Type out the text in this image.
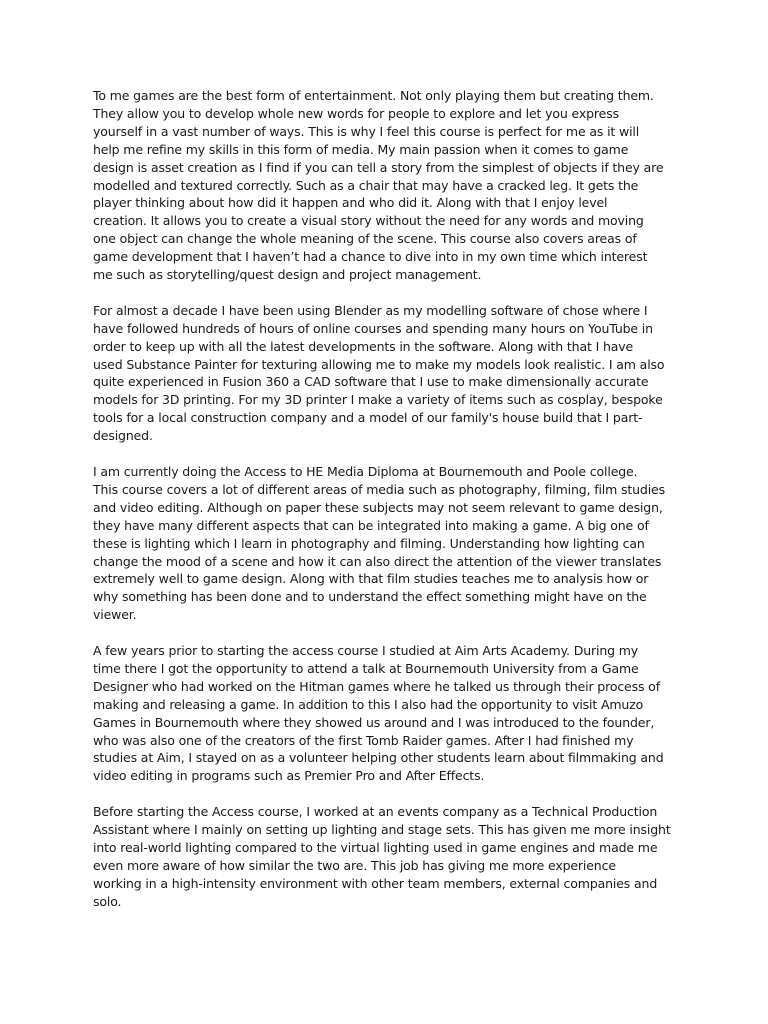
To me games are the best form of entertainment. Not only playing them but creating them.
They allow you to develop whole new words for people to explore and let you express
yourself in a vast number of ways. This is why I feel this course is perfect for me as it will
help me refine my skills in this form of media. My main passion when it comes to game
design is asset creation as I find if you can tell a story from the simplest of objects if they are
modelled and textured correctly. Such as a chair that may have a cracked leg. It gets the
player thinking about how did it happen and who did it. Along with that I enjoy level
creation. It allows you to create a visual story without the need for any words and moving
one object can change the whole meaning of the scene. This course also covers areas of
game development that I haven’t had a chance to dive into in my own time which interest
me such as storytelling/quest design and project management.

For almost a decade I have been using Blender as my modelling software of chose where I
have followed hundreds of hours of online courses and spending many hours on YouTube in
order to keep up with all the latest developments in the software. Along with that I have
used Substance Painter for texturing allowing me to make my models look realistic. I am also
quite experienced in Fusion 360 a CAD software that I use to make dimensionally accurate
models for 3D printing. For my 3D printer I make a variety of items such as cosplay, bespoke
tools for a local construction company and a model of our family's house build that I part-
designed.

I am currently doing the Access to HE Media Diploma at Bournemouth and Poole college.
This course covers a lot of different areas of media such as photography, filming, film studies
and video editing. Although on paper these subjects may not seem relevant to game design,
they have many different aspects that can be integrated into making a game. A big one of
these is lighting which I learn in photography and filming. Understanding how lighting can
change the mood of a scene and how it can also direct the attention of the viewer translates
extremely well to game design. Along with that film studies teaches me to analysis how or
why something has been done and to understand the effect something might have on the
viewer.

A few years prior to starting the access course I studied at Aim Arts Academy. During my
time there I got the opportunity to attend a talk at Bournemouth University from a Game
Designer who had worked on the Hitman games where he talked us through their process of
making and releasing a game. In addition to this I also had the opportunity to visit Amuzo
Games in Bournemouth where they showed us around and I was introduced to the founder,
who was also one of the creators of the first Tomb Raider games. After I had finished my
studies at Aim, I stayed on as a volunteer helping other students learn about filmmaking and
video editing in programs such as Premier Pro and After Effects.

Before starting the Access course, I worked at an events company as a Technical Production
Assistant where I mainly on setting up lighting and stage sets. This has given me more insight
into real-world lighting compared to the virtual lighting used in game engines and made me
even more aware of how similar the two are. This job has giving me more experience
working in a high-intensity environment with other team members, external companies and
solo.
